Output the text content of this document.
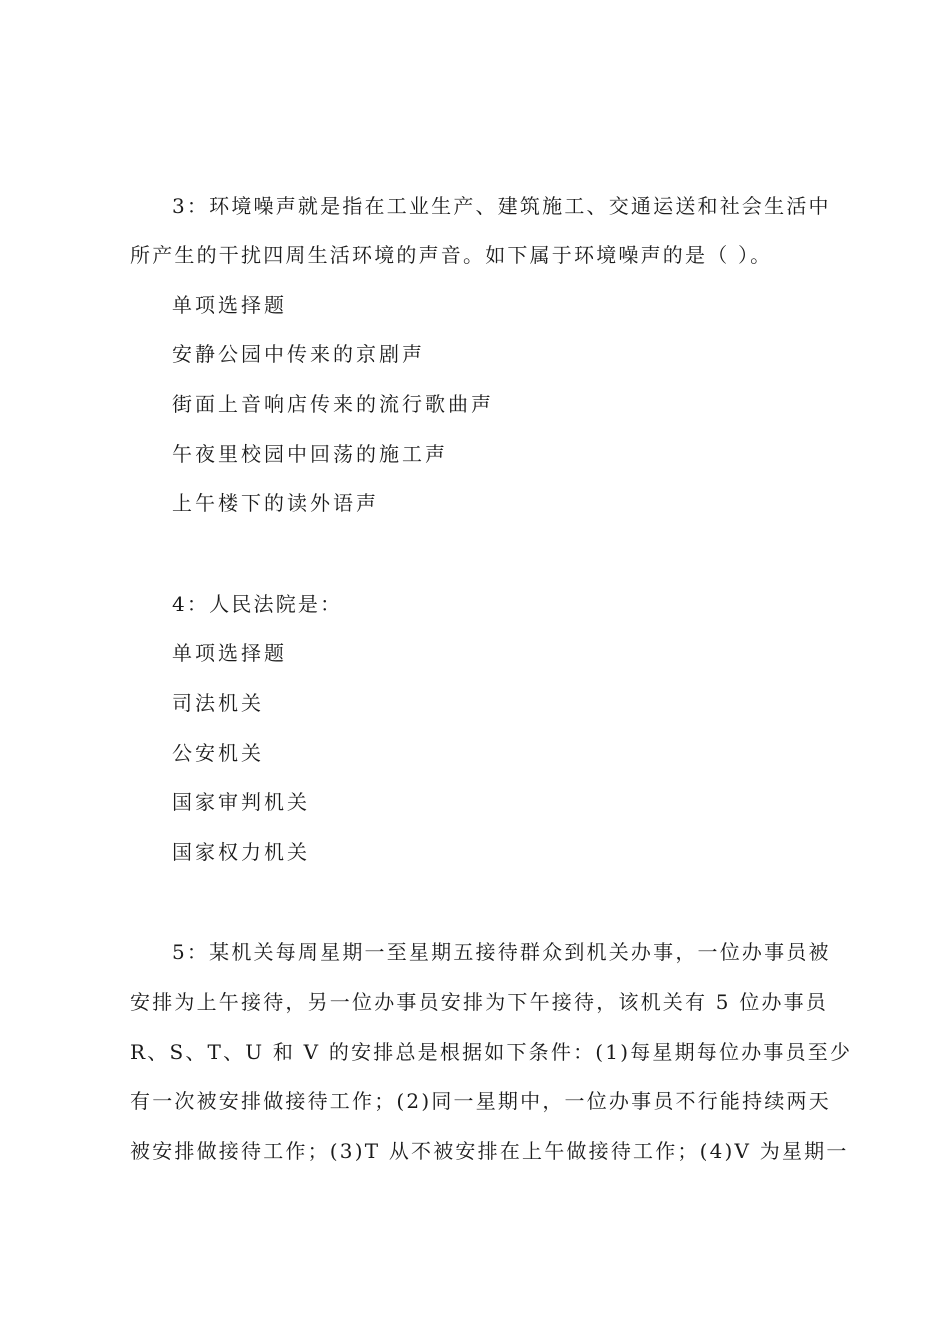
3：环境噪声就是指在工业生产、建筑施工、交通运送和社会生活中
所产生的干扰四周生活环境的声音。如下属于环境噪声的是（ ）。
单项选择题
安静公园中传来的京剧声
街面上音响店传来的流行歌曲声
午夜里校园中回荡的施工声
上午楼下的读外语声
4：人民法院是：
单项选择题
司法机关
公安机关
国家审判机关
国家权力机关
5：某机关每周星期一至星期五接待群众到机关办事，一位办事员被
安排为上午接待，另一位办事员安排为下午接待，该机关有 5 位办事员
R、S、T、U 和 V 的安排总是根据如下条件：(1)每星期每位办事员至少
有一次被安排做接待工作；(2)同一星期中，一位办事员不行能持续两天
被安排做接待工作；(3)T 从不被安排在上午做接待工作；(4)V 为星期一
